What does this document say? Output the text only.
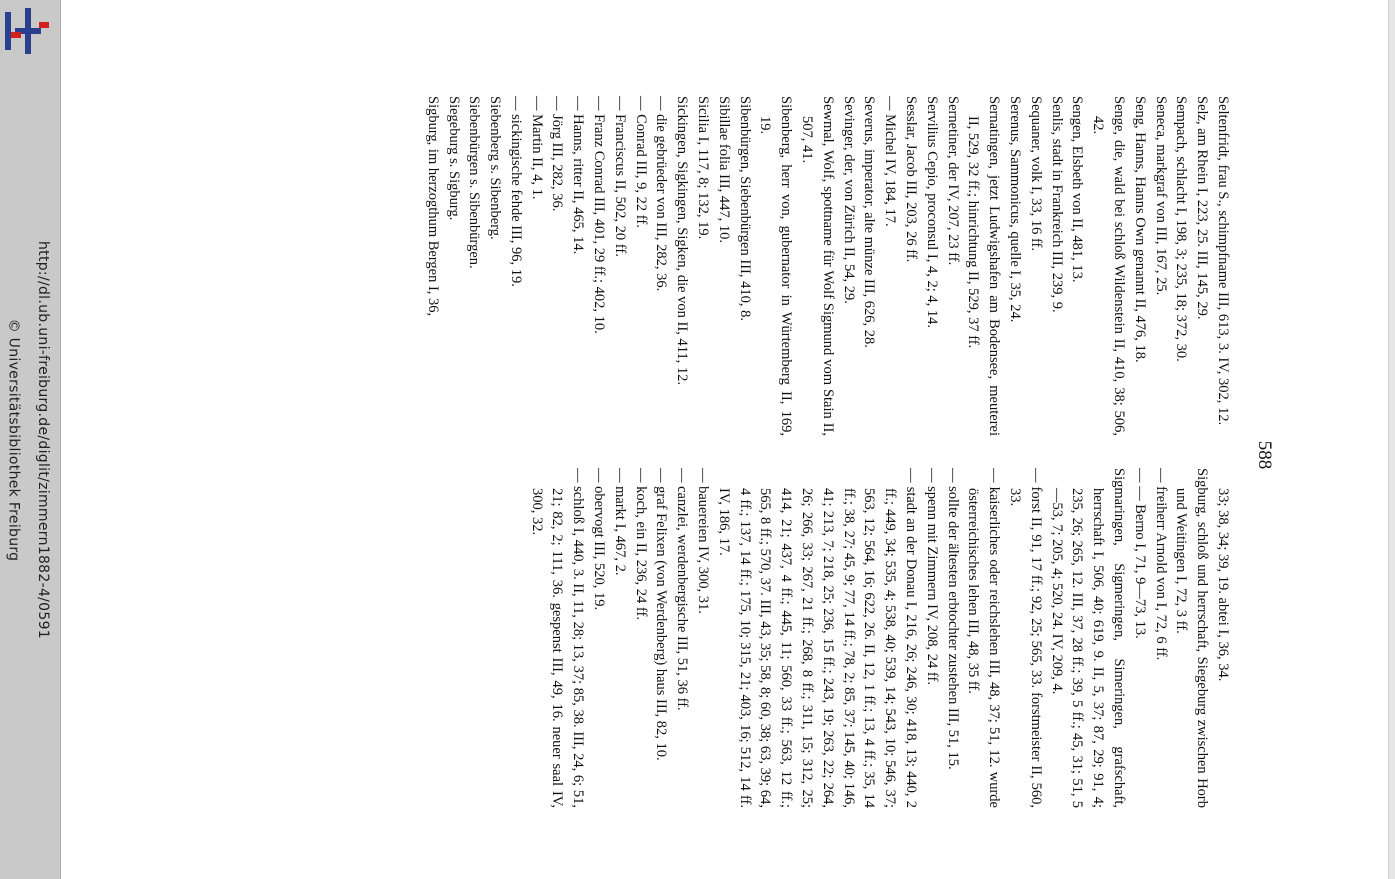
http://dl.ub.uni-freiburg.de/diglit/zimmern1882-4/0591
© Universitätsbibliothek Freiburg	588

Seltenfridt, frau S., schimpfname III, 613, 3. IV, 302, 12.

Selz, am Rhein I, 223, 25. III, 145, 29.

Sempach, schlacht I, 198, 3; 235, 18; 372, 30.

Seneca, markgraf von III, 167, 25.

Seng, Hanns, Hanns Own genannt II, 476, 18.

Senge, die, wald bei schloß Wildenstein II, 410, 38; 506, 42.

Sengen, Elsbeth von II, 481, 13.

Senlis, stadt in Frankreich III, 239, 9.

Sequaner, volk I, 33, 16 ff.

Serenus, Sammonicus, quelle I, 35, 24.

Sernatingen, jetzt Ludwigshafen am Bodensee, meuterei II, 529, 32 ff.; hinrichtung II, 529, 37 ff.

Sernetiner, der IV, 207, 23 ff.

Servilius Cepio, proconsul I, 4, 2; 4, 14.

Sesslar, Jacob III, 203, 26 ff.

— Michel IV, 184, 17.

Severus, imperator, alte münze III, 626, 28.

Sevinger, der, von Zürich II, 54, 29.

Sewmal, Wolf, spottname für Wolf Sigmund vom Stain II, 507, 41.

Sibenberg, herr von, gubernator in Würtemberg II, 169, 19.

Sibenbürgen, Siebenbürgen III, 410, 8.

Sibillae folia III, 447, 10.

Sicilia I, 117, 8; 132, 19.

Sickingen, Sigkingen, Sigken, die von II, 411, 12.

— die gebrüeder von III, 282, 36.

— Conrad III, 9, 22 ff.

— Franciscus II, 502, 20 ff.

— Franz Conrad III, 401, 29 ff.; 402, 10.

— Hanns, ritter II, 465, 14.

— Jörg III, 282, 36.

— Martin II, 4, 1.

— sickingische fehde III, 96, 19.

Siebenberg s. Sibenberg.

Siebenbürgen s. Sibenbürgen.

Siegeburg s. Sigburg.

Sigburg, im herzogthum Bergen I, 36,

33; 38, 34; 39, 19. abtei I, 36, 34.

Sigburg, schloß und herrschaft, Siegeburg zwischen Horb und Weitingen I, 72, 3 ff.

— freiherr Arnold von I, 72, 6 ff.

— — Berno I, 71, 9—73, 13.

Sigmaringen, Sigmeringen, Simeringen, grafschaft, herrschaft I, 506, 40; 619, 9. II, 5, 37; 87, 29; 91, 4; 235, 26; 265, 12. III, 37, 28 ff.; 39, 5 ff.; 45, 31; 51, 5—53, 7; 205, 4; 520, 24. IV, 209, 4.

— forst II, 91, 17 ff.; 92, 25; 565, 33. forstmeister II, 560, 33.

— kaiserliches oder reichslehen III, 48, 37; 51, 12. wurde österreichisches lehen III, 48, 35 ff.

— sollte der ältesten erbtochter zustehen III, 51, 15.

— spenn mit Zimmern IV, 208, 24 ff.

— stadt an der Donau I, 216, 26; 246, 30; 418, 13; 440, 2 ff.; 449, 34; 535, 4; 538, 40; 539, 14; 543, 10; 546, 37; 563, 12; 564, 16; 622, 26. II, 12, 1 ff.; 13, 4 ff.; 35, 14 ff.; 38, 27; 45, 9; 77, 14 ff.; 78, 2; 85, 37; 145, 40; 146, 41; 213, 7; 218, 25; 236, 15 ff.; 243, 19; 263, 22; 264, 26; 266, 33; 267, 21 ff.; 268, 8 ff.; 311, 15; 312, 25; 414, 21; 437, 4 ff.; 445, 11; 560, 33 ff.; 563, 12 ff.; 565, 8 ff.; 570, 37. III, 43, 35; 58, 8; 60, 38; 63, 39; 64, 4 ff.; 137, 14 ff.; 175, 10; 315, 21; 403, 16; 512, 14 ff. IV, 186, 17.

— bauereien IV, 300, 31.

— canzlei, werdenbergische III, 51, 36 ff.

— graf Felixen (von Werdenberg) haus III, 82, 10.

— koch, ein II, 236, 24 ff.

— markt I, 467, 2.

— obervogt III, 520, 19.

— schloß I, 440, 3. II, 11, 28; 13, 37; 85, 38. III, 24, 6; 51, 21; 82, 2; 111, 36. gespenst III, 49, 16. neuer saal IV, 300, 32.
